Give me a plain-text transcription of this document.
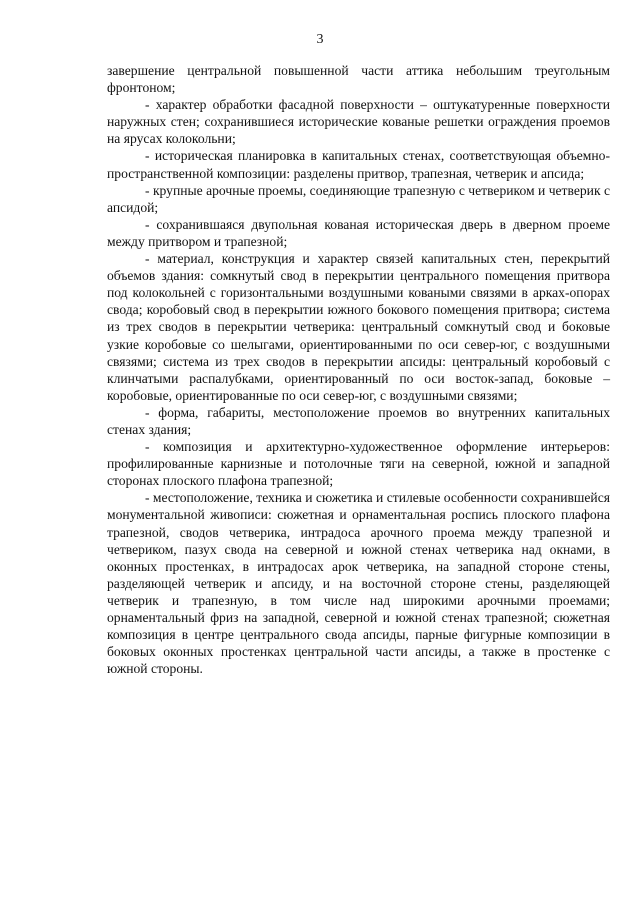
3

завершение центральной повышенной части аттика небольшим треугольным фронтоном;

- характер обработки фасадной поверхности – оштукатуренные поверхности наружных стен; сохранившиеся исторические кованые решетки ограждения проемов на ярусах колокольни;

- историческая планировка в капитальных стенах, соответствующая объемно-пространственной композиции: разделены притвор, трапезная, четверик и апсида;

- крупные арочные проемы, соединяющие трапезную с четвериком и четверик с апсидой;

- сохранившаяся двупольная кованая историческая дверь в дверном проеме между притвором и трапезной;

- материал, конструкция и характер связей капитальных стен, перекрытий объемов здания: сомкнутый свод в перекрытии центрального помещения притвора под колокольней с горизонтальными воздушными коваными связями в арках-опорах свода; коробовый свод в перекрытии южного бокового помещения притвора; система из трех сводов в перекрытии четверика: центральный сомкнутый свод и боковые узкие коробовые со шелыгами, ориентированными по оси север-юг, с воздушными связями; система из трех сводов в перекрытии апсиды: центральный коробовый с клинчатыми распалубками, ориентированный по оси восток-запад, боковые – коробовые, ориентированные по оси север-юг, с воздушными связями;

- форма, габариты, местоположение проемов во внутренних капитальных стенах здания;

- композиция и архитектурно-художественное оформление интерьеров: профилированные карнизные и потолочные тяги на северной, южной и западной сторонах плоского плафона трапезной;

- местоположение, техника и сюжетика и стилевые особенности сохранившейся монументальной живописи: сюжетная и орнаментальная роспись плоского плафона трапезной, сводов четверика, интрадоса арочного проема между трапезной и четвериком, пазух свода на северной и южной стенах четверика над окнами, в оконных простенках, в интрадосах арок четверика, на западной стороне стены, разделяющей четверик и апсиду, и на восточной стороне стены, разделяющей четверик и трапезную, в том числе над широкими арочными проемами; орнаментальный фриз на западной, северной и южной стенах трапезной; сюжетная композиция в центре центрального свода апсиды, парные фигурные композиции в боковых оконных простенках центральной части апсиды, а также в простенке с южной стороны.
